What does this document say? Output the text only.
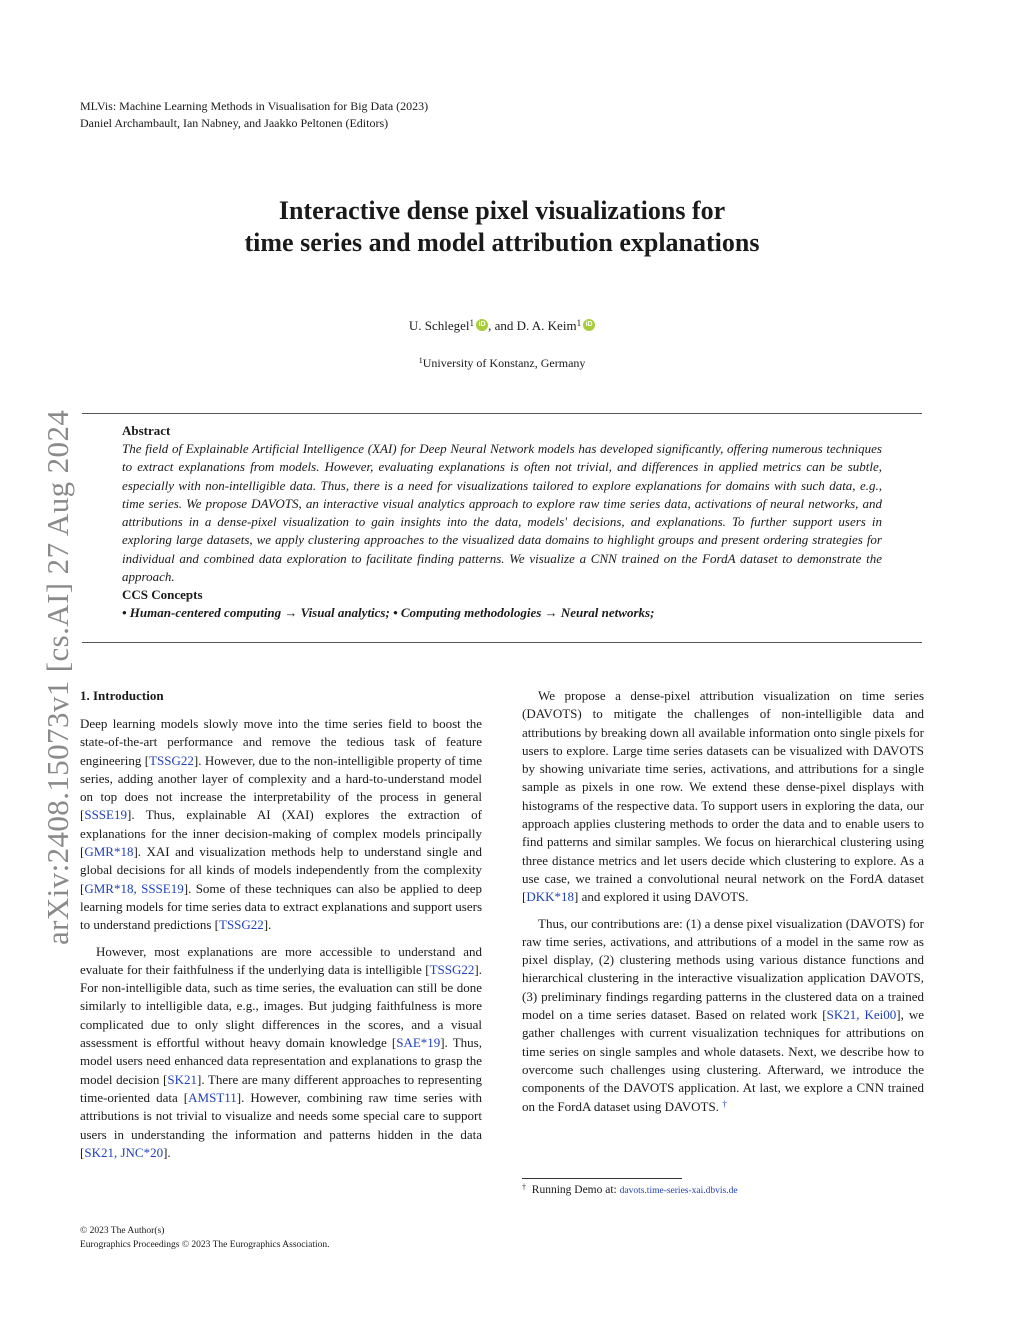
MLVis: Machine Learning Methods in Visualisation for Big Data (2023)
Daniel Archambault, Ian Nabney, and Jaakko Peltonen (Editors)
arXiv:2408.15073v1 [cs.AI] 27 Aug 2024
Interactive dense pixel visualizations for
time series and model attribution explanations
U. Schlegel$^1$ iD , and D. A. Keim$^1$ iD
$^1$University of Konstanz, Germany
Abstract
The field of Explainable Artificial Intelligence (XAI) for Deep Neural Network models has developed significantly, offering numerous techniques to extract explanations from models. However, evaluating explanations is often not trivial, and differences in applied metrics can be subtle, especially with non-intelligible data. Thus, there is a need for visualizations tailored to explore explanations for domains with such data, e.g., time series. We propose DAVOTS, an interactive visual analytics approach to explore raw time series data, activations of neural networks, and attributions in a dense-pixel visualization to gain insights into the data, models' decisions, and explanations. To further support users in exploring large datasets, we apply clustering approaches to the visualized data domains to highlight groups and present ordering strategies for individual and combined data exploration to facilitate finding patterns. We visualize a CNN trained on the FordA dataset to demonstrate the approach.
CCS Concepts
• Human-centered computing → Visual analytics; • Computing methodologies → Neural networks;
1. Introduction

Deep learning models slowly move into the time series field to boost the state-of-the-art performance and remove the tedious task of feature engineering [TSSG22]. However, due to the non-intelligible property of time series, adding another layer of complexity and a hard-to-understand model on top does not increase the interpretability of the process in general [SSSE19]. Thus, explainable AI (XAI) explores the extraction of explanations for the inner decision-making of complex models principally [GMR*18]. XAI and visualization methods help to understand single and global decisions for all kinds of models independently from the complexity [GMR*18, SSSE19]. Some of these techniques can also be applied to deep learning models for time series data to extract explanations and support users to understand predictions [TSSG22].

However, most explanations are more accessible to understand and evaluate for their faithfulness if the underlying data is intelligible [TSSG22]. For non-intelligible data, such as time series, the evaluation can still be done similarly to intelligible data, e.g., images. But judging faithfulness is more complicated due to only slight differences in the scores, and a visual assessment is effortful without heavy domain knowledge [SAE*19]. Thus, model users need enhanced data representation and explanations to grasp the model decision [SK21]. There are many different approaches to representing time-oriented data [AMST11]. However, combining raw time series with attributions is not trivial to visualize and needs some special care to support users in understanding the information and patterns hidden in the data [SK21, JNC*20].

We propose a dense-pixel attribution visualization on time series (DAVOTS) to mitigate the challenges of non-intelligible data and attributions by breaking down all available information onto single pixels for users to explore. Large time series datasets can be visualized with DAVOTS by showing univariate time series, activations, and attributions for a single sample as pixels in one row. We extend these dense-pixel displays with histograms of the respective data. To support users in exploring the data, our approach applies clustering methods to order the data and to enable users to find patterns and similar samples. We focus on hierarchical clustering using three distance metrics and let users decide which clustering to explore. As a use case, we trained a convolutional neural network on the FordA dataset [DKK*18] and explored it using DAVOTS.

Thus, our contributions are: (1) a dense pixel visualization (DAVOTS) for raw time series, activations, and attributions of a model in the same row as pixel display, (2) clustering methods using various distance functions and hierarchical clustering in the interactive visualization application DAVOTS, (3) preliminary findings regarding patterns in the clustered data on a trained model on a time series dataset. Based on related work [SK21, Kei00], we gather challenges with current visualization techniques for attributions on time series on single samples and whole datasets. Next, we describe how to overcome such challenges using clustering. Afterward, we introduce the components of the DAVOTS application. At last, we explore a CNN trained on the FordA dataset using DAVOTS. †

† Running Demo at: davots.time-series-xai.dbvis.de
© 2023 The Author(s)
Eurographics Proceedings © 2023 The Eurographics Association.
